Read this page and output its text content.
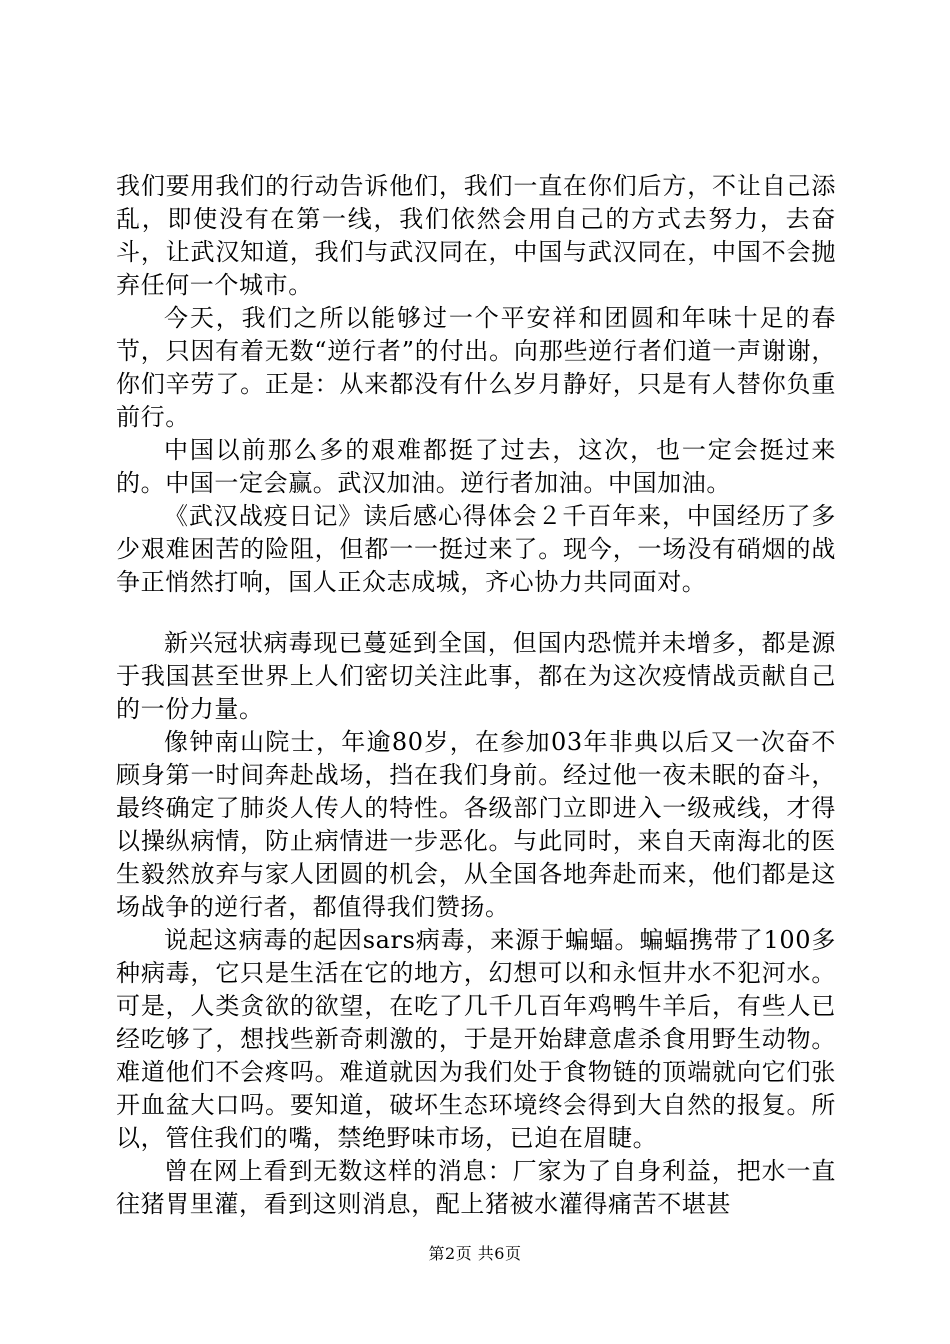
我们要用我们的行动告诉他们，我们一直在你们后方，不让自己添乱，即使没有在第一线，我们依然会用自己的方式去努力，去奋斗，让武汉知道，我们与武汉同在，中国与武汉同在，中国不会抛弃任何一个城市。

今天，我们之所以能够过一个平安祥和团圆和年味十足的春节，只因有着无数“逆行者”的付出。向那些逆行者们道一声谢谢，你们辛劳了。正是：从来都没有什么岁月静好，只是有人替你负重前行。

中国以前那么多的艰难都挺了过去，这次，也一定会挺过来的。中国一定会赢。武汉加油。逆行者加油。中国加油。

《武汉战疫日记》读后感心得体会２千百年来，中国经历了多少艰难困苦的险阻，但都一一挺过来了。现今，一场没有硝烟的战争正悄然打响，国人正众志成城，齐心协力共同面对。

新兴冠状病毒现已蔓延到全国，但国内恐慌并未增多，都是源于我国甚至世界上人们密切关注此事，都在为这次疫情战贡献自己的一份力量。

像钟南山院士，年逾80岁，在参加03年非典以后又一次奋不顾身第一时间奔赴战场，挡在我们身前。经过他一夜未眠的奋斗，最终确定了肺炎人传人的特性。各级部门立即进入一级戒线，才得以操纵病情，防止病情进一步恶化。与此同时，来自天南海北的医生毅然放弃与家人团圆的机会，从全国各地奔赴而来，他们都是这场战争的逆行者，都值得我们赞扬。

说起这病毒的起因sars病毒，来源于蝙蝠。蝙蝠携带了100多种病毒，它只是生活在它的地方，幻想可以和永恒井水不犯河水。可是，人类贪欲的欲望，在吃了几千几百年鸡鸭牛羊后，有些人已经吃够了，想找些新奇刺激的，于是开始肆意虐杀食用野生动物。难道他们不会疼吗。难道就因为我们处于食物链的顶端就向它们张开血盆大口吗。要知道，破坏生态环境终会得到大自然的报复。所以，管住我们的嘴，禁绝野味市场，已迫在眉睫。

曾在网上看到无数这样的消息：厂家为了自身利益，把水一直往猪胃里灌，看到这则消息，配上猪被水灌得痛苦不堪甚

第2页 共6页
